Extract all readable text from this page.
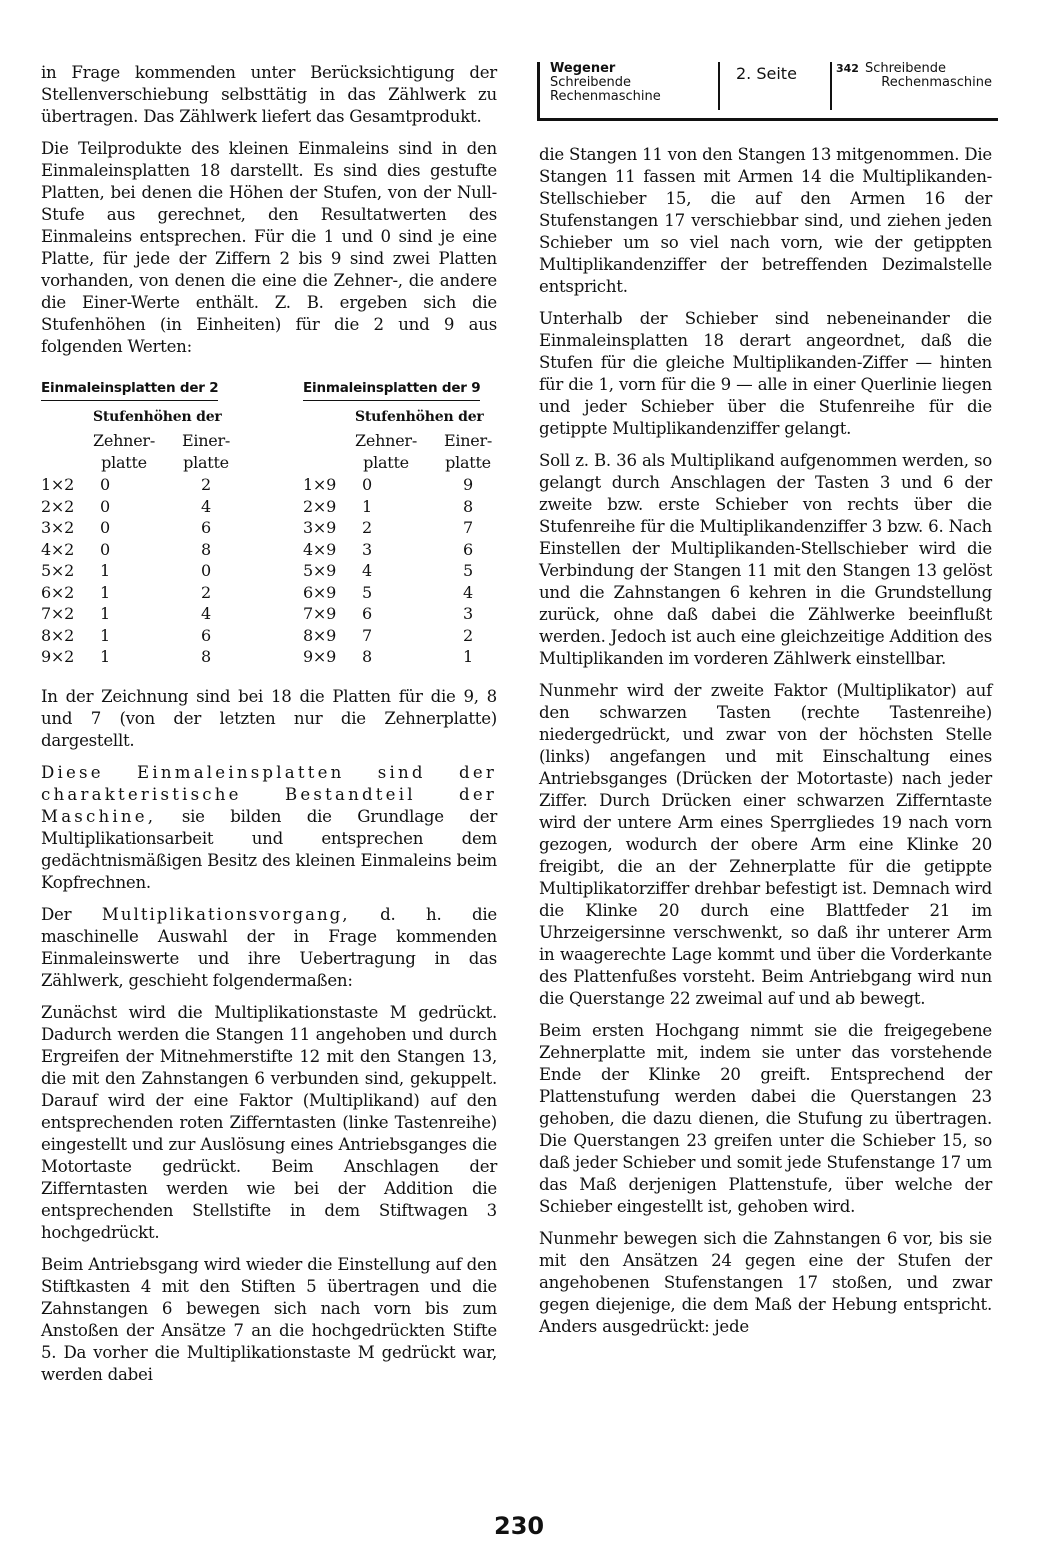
Wegener
Schreibende
Rechenmaschine
2. Seite	342 Schreibende
Rechenmaschine

in Frage kommenden unter Berücksichtigung der Stellenverschiebung selbsttätig in das Zählwerk zu übertragen. Das Zählwerk liefert das Gesamtprodukt.

Die Teilprodukte des kleinen Einmaleins sind in den Einmaleinsplatten 18 darstellt. Es sind dies gestufte Platten, bei denen die Höhen der Stufen, von der Null-Stufe aus gerechnet, den Resultatwerten des Einmaleins entsprechen. Für die 1 und 0 sind je eine Platte, für jede der Ziffern 2 bis 9 sind zwei Platten vorhanden, von denen die eine die Zehner-, die andere die Einer-Werte enthält. Z. B. ergeben sich die Stufenhöhen (in Einheiten) für die 2 und 9 aus folgenden Werten:

Einmaleinsplatten der 2
Stufenhöhen der
Zehner-
platte
Einer-
platte
1×2	0	2
2×2	0	4
3×2	0	6
4×2	0	8
5×2	1	0
6×2	1	2
7×2	1	4
8×2	1	6
9×2	1	8
Einmaleinsplatten der 9
Stufenhöhen der
Zehner-
platte
Einer-
platte
1×9	0	9
2×9	1	8
3×9	2	7
4×9	3	6
5×9	4	5
6×9	5	4
7×9	6	3
8×9	7	2
9×9	8	1

In der Zeichnung sind bei 18 die Platten für die 9, 8 und 7 (von der letzten nur die Zehnerplatte) dargestellt.

Diese Einmaleinsplatten sind der charakteristische Bestandteil der Maschine, sie bilden die Grundlage der Multiplikationsarbeit und entsprechen dem gedächtnismäßigen Besitz des kleinen Einmaleins beim Kopfrechnen.

Der Multiplikationsvorgang, d. h. die maschinelle Auswahl der in Frage kommenden Einmaleinswerte und ihre Uebertragung in das Zählwerk, geschieht folgendermaßen:

Zunächst wird die Multiplikationstaste M gedrückt. Dadurch werden die Stangen 11 angehoben und durch Ergreifen der Mitnehmerstifte 12 mit den Stangen 13, die mit den Zahnstangen 6 verbunden sind, gekuppelt. Darauf wird der eine Faktor (Multiplikand) auf den entsprechenden roten Zifferntasten (linke Tastenreihe) eingestellt und zur Auslösung eines Antriebsganges die Motortaste gedrückt. Beim Anschlagen der Zifferntasten werden wie bei der Addition die entsprechenden Stellstifte in dem Stiftwagen 3 hochgedrückt.

Beim Antriebsgang wird wieder die Einstellung auf den Stiftkasten 4 mit den Stiften 5 übertragen und die Zahnstangen 6 bewegen sich nach vorn bis zum Anstoßen der Ansätze 7 an die hochgedrückten Stifte 5. Da vorher die Multiplikationstaste M gedrückt war, werden dabei

die Stangen 11 von den Stangen 13 mitgenommen. Die Stangen 11 fassen mit Armen 14 die Multiplikanden-Stellschieber 15, die auf den Armen 16 der Stufenstangen 17 verschiebbar sind, und ziehen jeden Schieber um so viel nach vorn, wie der getippten Multiplikandenziffer der betreffenden Dezimalstelle entspricht.

Unterhalb der Schieber sind nebeneinander die Einmaleinsplatten 18 derart angeordnet, daß die Stufen für die gleiche Multiplikanden-Ziffer — hinten für die 1, vorn für die 9 — alle in einer Querlinie liegen und jeder Schieber über die Stufenreihe für die getippte Multiplikandenziffer gelangt.

Soll z. B. 36 als Multiplikand aufgenommen werden, so gelangt durch Anschlagen der Tasten 3 und 6 der zweite bzw. erste Schieber von rechts über die Stufenreihe für die Multiplikandenziffer 3 bzw. 6. Nach Einstellen der Multiplikanden-Stellschieber wird die Verbindung der Stangen 11 mit den Stangen 13 gelöst und die Zahnstangen 6 kehren in die Grundstellung zurück, ohne daß dabei die Zählwerke beeinflußt werden. Jedoch ist auch eine gleichzeitige Addition des Multiplikanden im vorderen Zählwerk einstellbar.

Nunmehr wird der zweite Faktor (Multiplikator) auf den schwarzen Tasten (rechte Tastenreihe) niedergedrückt, und zwar von der höchsten Stelle (links) angefangen und mit Einschaltung eines Antriebsganges (Drücken der Motortaste) nach jeder Ziffer. Durch Drücken einer schwarzen Zifferntaste wird der untere Arm eines Sperrgliedes 19 nach vorn gezogen, wodurch der obere Arm eine Klinke 20 freigibt, die an der Zehnerplatte für die getippte Multiplikatorziffer drehbar befestigt ist. Demnach wird die Klinke 20 durch eine Blattfeder 21 im Uhrzeigersinne verschwenkt, so daß ihr unterer Arm in waagerechte Lage kommt und über die Vorderkante des Plattenfußes vorsteht. Beim Antriebgang wird nun die Querstange 22 zweimal auf und ab bewegt.

Beim ersten Hochgang nimmt sie die freigegebene Zehnerplatte mit, indem sie unter das vorstehende Ende der Klinke 20 greift. Entsprechend der Plattenstufung werden dabei die Querstangen 23 gehoben, die dazu dienen, die Stufung zu übertragen. Die Querstangen 23 greifen unter die Schieber 15, so daß jeder Schieber und somit jede Stufenstange 17 um das Maß derjenigen Plattenstufe, über welche der Schieber eingestellt ist, gehoben wird.

Nunmehr bewegen sich die Zahnstangen 6 vor, bis sie mit den Ansätzen 24 gegen eine der Stufen der angehobenen Stufenstangen 17 stoßen, und zwar gegen diejenige, die dem Maß der Hebung entspricht. Anders ausgedrückt: jede

230
